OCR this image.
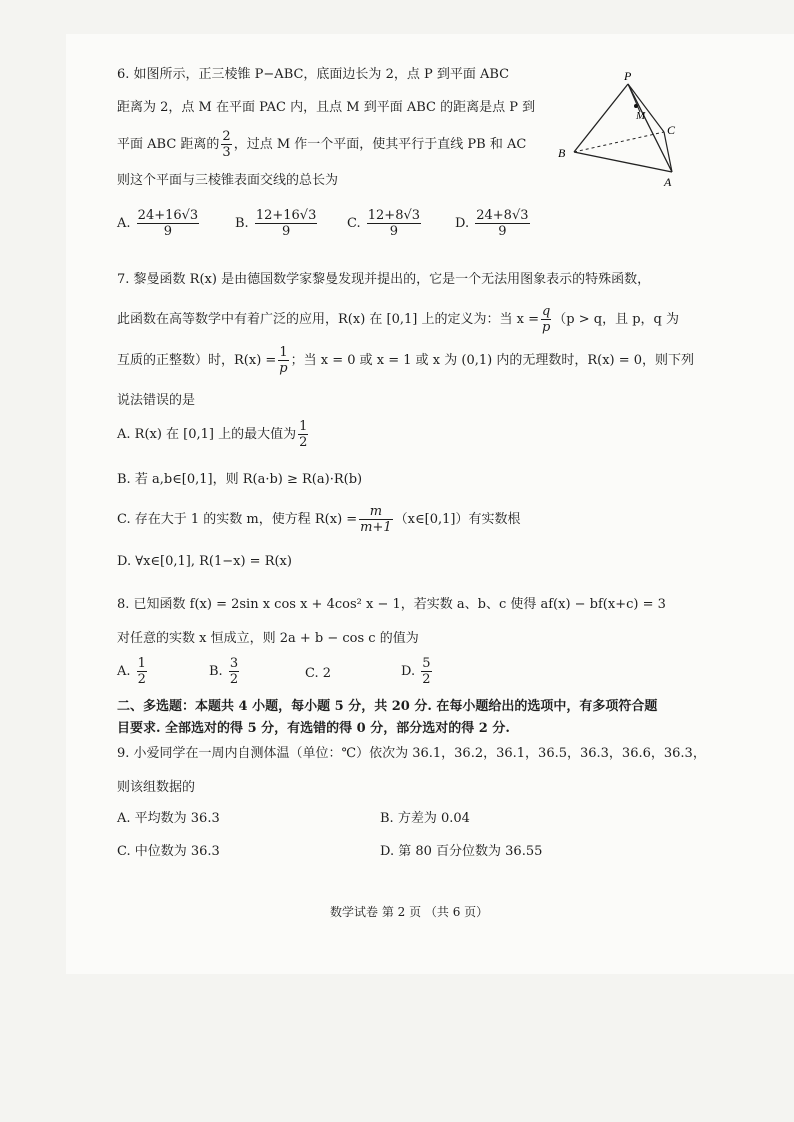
6. 如图所示，正三棱锥 P−ABC，底面边长为 2，点 P 到平面 ABC
距离为 2，点 M 在平面 PAC 内，且点 M 到平面 ABC 的距离是点 P 到
平面 ABC 距离的 $\frac{2}{3}$ ，过点 M 作一个平面，使其平行于直线 PB 和 AC
则这个平面与三棱锥表面交线的总长为
A. $\frac{24+16√3}{9}$	B. $\frac{12+16√3}{9} C$. $\frac{12+8√3}{9}$	D. $\frac{24+8√3}{9}$
P
M
C
B
A
7. 黎曼函数 R(x) 是由德国数学家黎曼发现并提出的，它是一个无法用图象表示的特殊函数，
此函数在高等数学中有着广泛的应用，R(x) 在 [0,1] 上的定义为：当 $x = \frac{q}{p} (p > q$，且 p，q 为
互质的正整数）时，$R(x) = \frac{1}{p}$ ；当 x = 0 或 x = 1 或 x 为 (0,1) 内的无理数时，R(x) = 0，则下列
说法错误的是
A. R(x) 在 [0,1] 上的最大值为 $\frac{1}{2}$
B. 若 a,b∈[0,1]，则 R(a·b) ≥ R(a)·R(b)
C. 存在大于 1 的实数 m，使方程 $R(x) = \frac{m}{m+1}$ （x∈[0,1]）有实数根
D. ∀x∈[0,1], R(1−x) = R(x)
8. 已知函数 f(x) = 2sin x cos x + 4cos² x − 1，若实数 a、b、c 使得 af(x) − bf(x+c) = 3
对任意的实数 x 恒成立，则 2a + b − cos c 的值为
A. $\frac{1}{2}$	B. $\frac{3}{2}$	C. 2	D. $\frac{5}{2}$
二、多选题：本题共 4 小题，每小题 5 分，共 20 分. 在每小题给出的选项中，有多项符合题
目要求. 全部选对的得 5 分，有选错的得 0 分，部分选对的得 2 分.
9. 小爱同学在一周内自测体温（单位：℃）依次为 36.1，36.2，36.1，36.5，36.3，36.6，36.3，
则该组数据的
A. 平均数为 36.3	B. 方差为 0.04
C. 中位数为 36.3	D. 第 80 百分位数为 36.55
数学试卷 第 2 页 （共 6 页）
